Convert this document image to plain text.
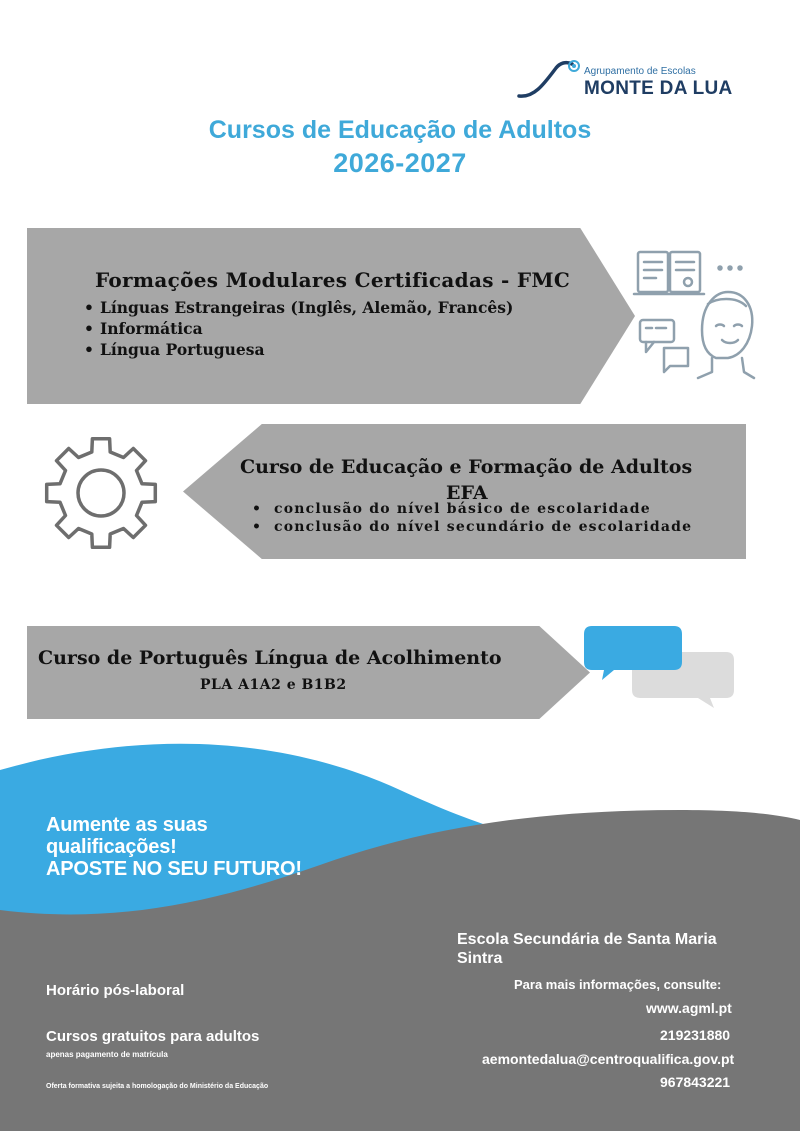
Agrupamento de Escolas
MONTE DA LUA
Cursos de Educação de Adultos
2026-2027
Formações Modulares Certificadas - FMC
• Línguas Estrangeiras (Inglês, Alemão, Francês)
• Informática
• Língua Portuguesa
Curso de Educação e Formação de Adultos
EFA
• conclusão do nível básico de escolaridade
• conclusão do nível secundário de escolaridade
Curso de Português Língua de Acolhimento
PLA A1A2 e B1B2
Aumente as suas
qualificações!
APOSTE NO SEU FUTURO!
Escola Secundária de Santa Maria
Sintra
Para mais informações, consulte:
www.agml.pt
219231880
aemontedalua@centroqualifica.gov.pt
967843221
Horário pós-laboral
Cursos gratuitos para adultos
apenas pagamento de matrícula
Oferta formativa sujeita a homologação do Ministério da Educação
